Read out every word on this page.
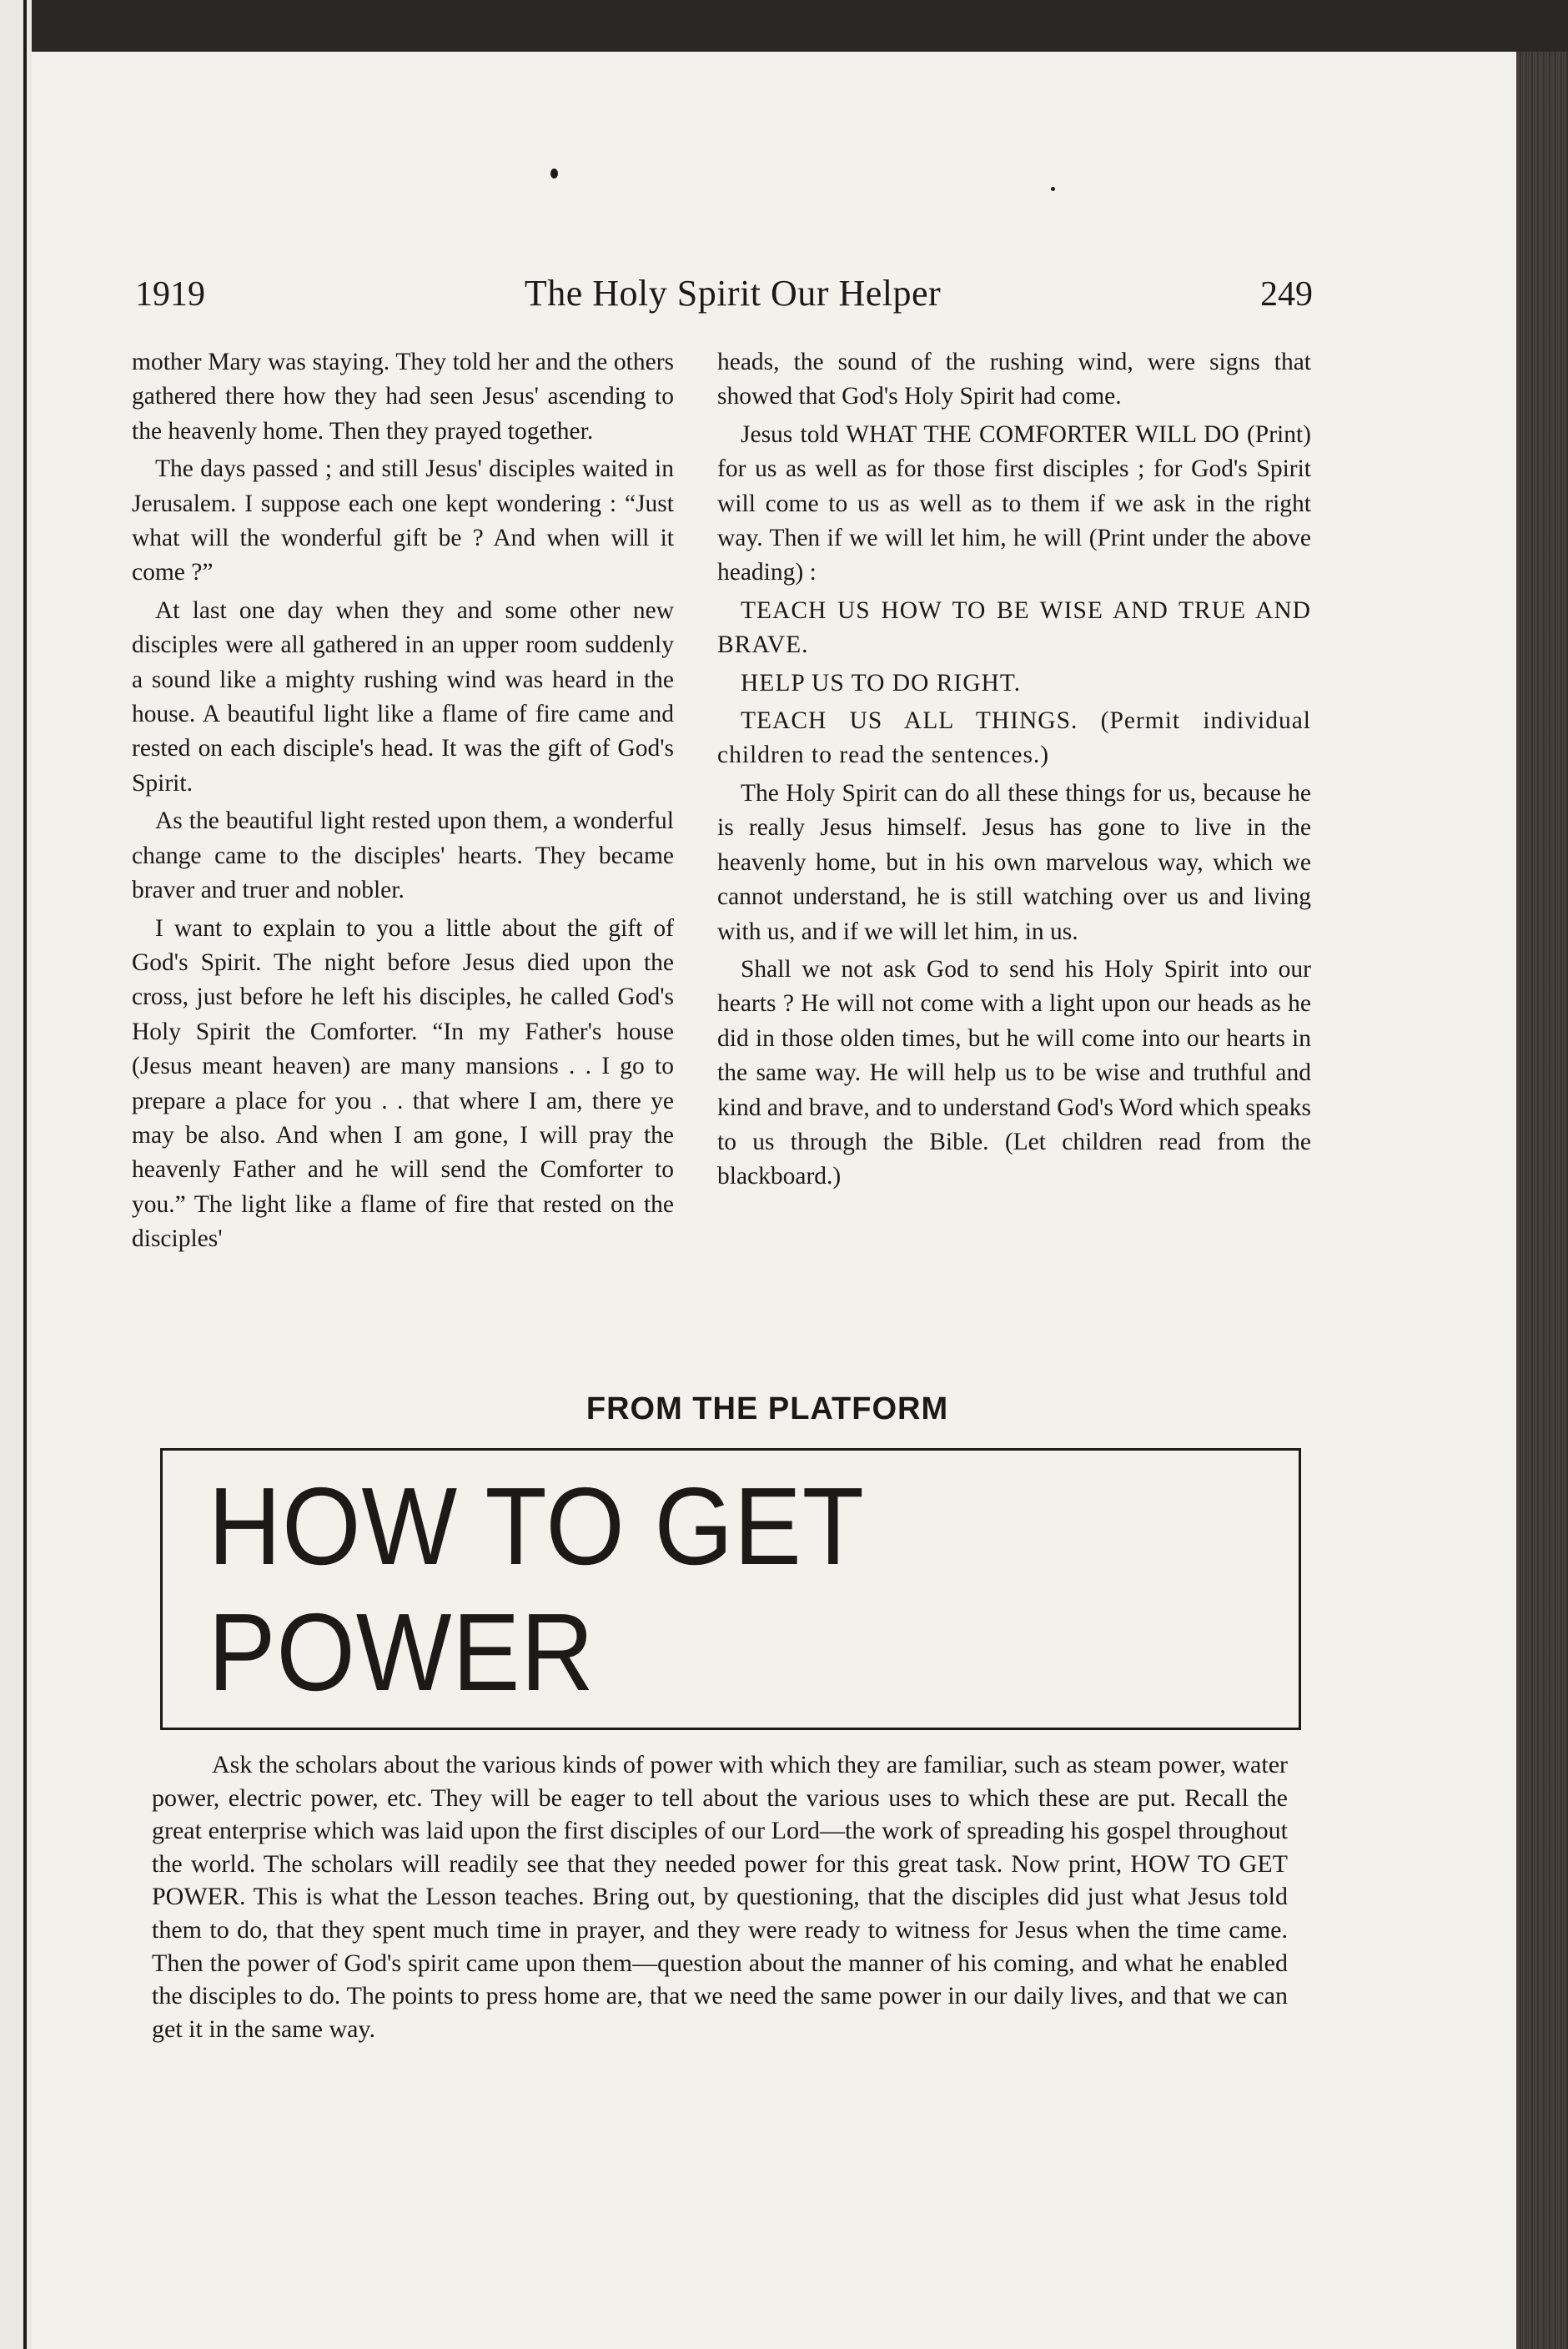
1919	The Holy Spirit Our Helper	249

mother Mary was staying. They told her and the others gathered there how they had seen Jesus' ascending to the heavenly home. Then they prayed together.

The days passed ; and still Jesus' disciples waited in Jerusalem. I suppose each one kept wondering : “Just what will the wonderful gift be ? And when will it come ?”

At last one day when they and some other new disciples were all gathered in an upper room suddenly a sound like a mighty rushing wind was heard in the house. A beautiful light like a flame of fire came and rested on each disciple's head. It was the gift of God's Spirit.

As the beautiful light rested upon them, a wonderful change came to the disciples' hearts. They became braver and truer and nobler.

I want to explain to you a little about the gift of God's Spirit. The night before Jesus died upon the cross, just before he left his disciples, he called God's Holy Spirit the Comforter. “In my Father's house (Jesus meant heaven) are many mansions . . I go to prepare a place for you . . that where I am, there ye may be also. And when I am gone, I will pray the heavenly Father and he will send the Comforter to you.” The light like a flame of fire that rested on the disciples'

heads, the sound of the rushing wind, were signs that showed that God's Holy Spirit had come.

Jesus told WHAT THE COMFORTER WILL DO (Print) for us as well as for those first disciples ; for God's Spirit will come to us as well as to them if we ask in the right way. Then if we will let him, he will (Print under the above heading) :

TEACH US HOW TO BE WISE AND TRUE AND BRAVE.

HELP US TO DO RIGHT.

TEACH US ALL THINGS. (Permit individual children to read the sentences.)

The Holy Spirit can do all these things for us, because he is really Jesus himself. Jesus has gone to live in the heavenly home, but in his own marvelous way, which we cannot understand, he is still watching over us and living with us, and if we will let him, in us.

Shall we not ask God to send his Holy Spirit into our hearts ? He will not come with a light upon our heads as he did in those olden times, but he will come into our hearts in the same way. He will help us to be wise and truthful and kind and brave, and to understand God's Word which speaks to us through the Bible. (Let children read from the blackboard.)

FROM THE PLATFORM
HOW TO GET POWER

Ask the scholars about the various kinds of power with which they are familiar, such as steam power, water power, electric power, etc. They will be eager to tell about the various uses to which these are put. Recall the great enterprise which was laid upon the first disciples of our Lord—the work of spreading his gospel throughout the world. The scholars will readily see that they needed power for this great task. Now print, HOW TO GET POWER. This is what the Lesson teaches. Bring out, by questioning, that the disciples did just what Jesus told them to do, that they spent much time in prayer, and they were ready to witness for Jesus when the time came. Then the power of God's spirit came upon them—question about the manner of his coming, and what he enabled the disciples to do. The points to press home are, that we need the same power in our daily lives, and that we can get it in the same way.
